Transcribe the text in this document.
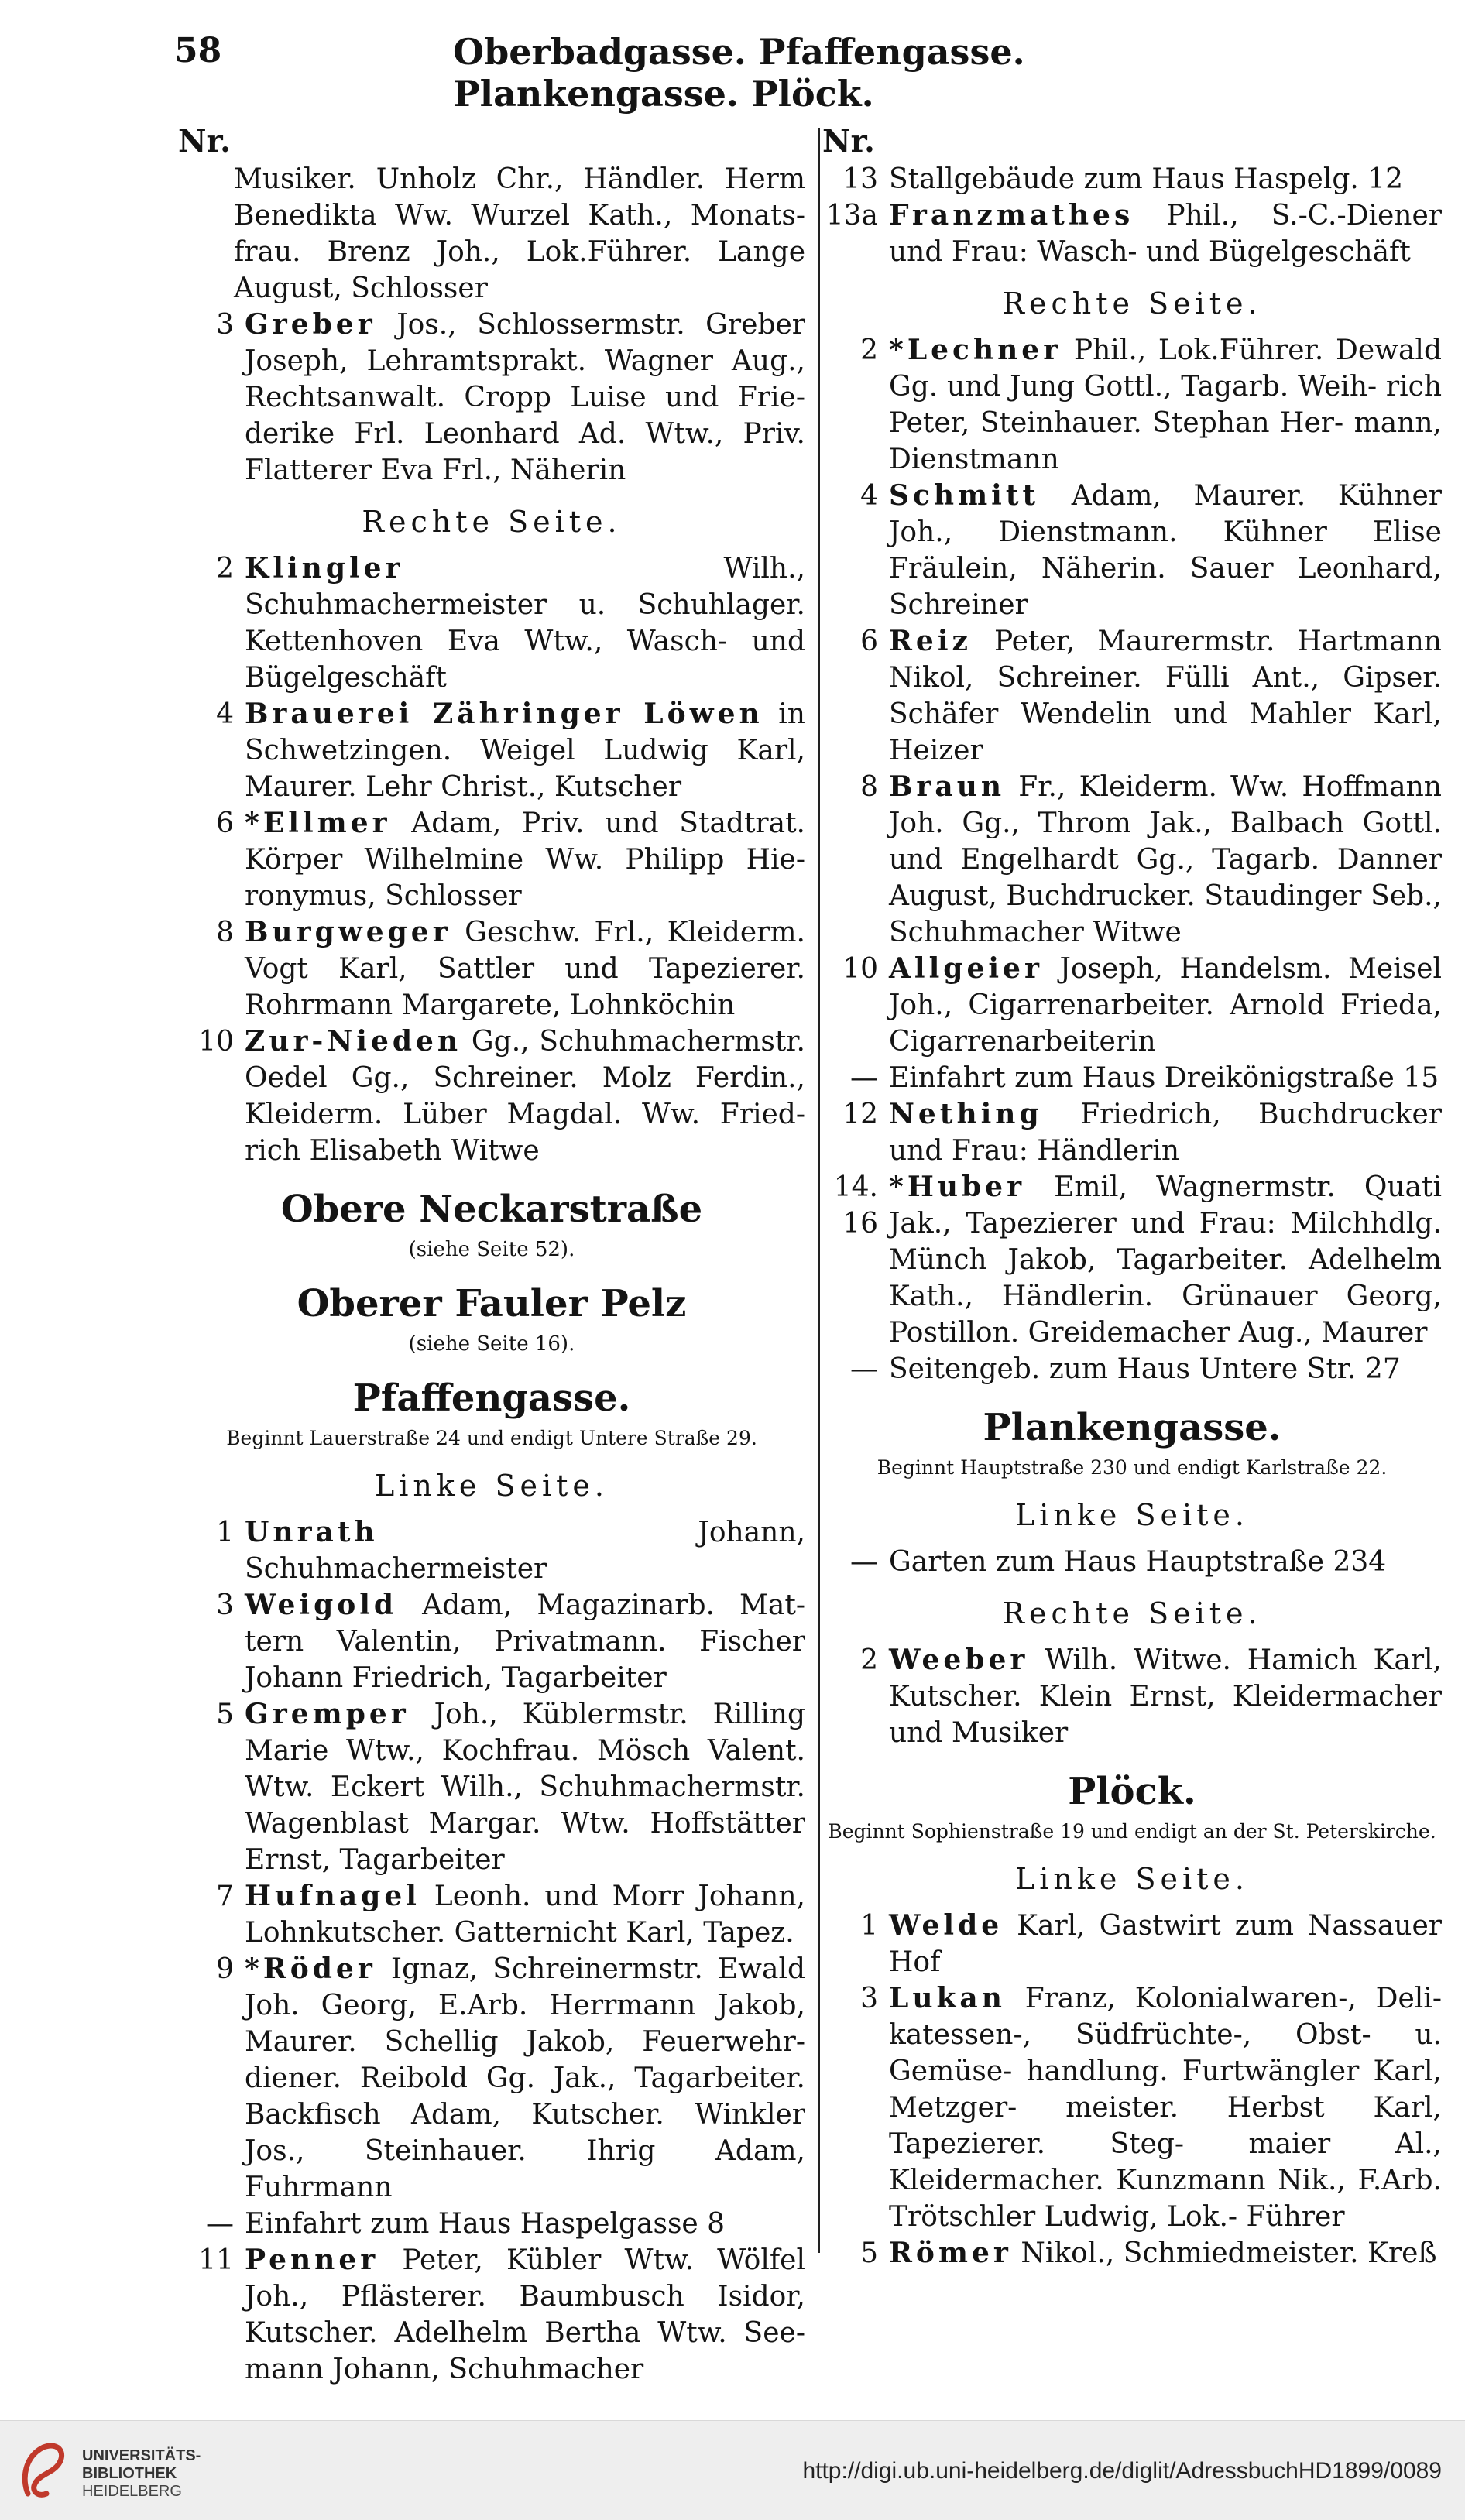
58	Oberbadgasse. Pfaffengasse. Plankengasse. Plöck.
Nr.
Musiker. Unholz Chr., Händler. Herm Benedikta Ww. Wurzel Kath., Monats- frau. Brenz Joh., Lok.Führer. Lange August, Schlosser
3 Greber Jos., Schlossermstr. Greber Joseph, Lehramtsprakt. Wagner Aug., Rechtsanwalt. Cropp Luise und Frie- derike Frl. Leonhard Ad. Wtw., Priv. Flatterer Eva Frl., Näherin
Rechte Seite.
2 Klingler Wilh., Schuhmachermeister u. Schuhlager. Kettenhoven Eva Wtw., Wasch- und Bügelgeschäft
4 Brauerei Zähringer Löwen in Schwetzingen. Weigel Ludwig Karl, Maurer. Lehr Christ., Kutscher
6 *Ellmer Adam, Priv. und Stadtrat. Körper Wilhelmine Ww. Philipp Hie- ronymus, Schlosser
8 Burgweger Geschw. Frl., Kleiderm. Vogt Karl, Sattler und Tapezierer. Rohrmann Margarete, Lohnköchin
10 Zur-Nieden Gg., Schuhmachermstr. Oedel Gg., Schreiner. Molz Ferdin., Kleiderm. Lüber Magdal. Ww. Fried- rich Elisabeth Witwe
Obere Neckarstraße
(siehe Seite 52).
Oberer Fauler Pelz
(siehe Seite 16).
Pfaffengasse.
Beginnt Lauerstraße 24 und endigt Untere Straße 29.
Linke Seite.
1 Unrath Johann, Schuhmachermeister
3 Weigold Adam, Magazinarb. Mat- tern Valentin, Privatmann. Fischer Johann Friedrich, Tagarbeiter
5 Gremper Joh., Küblermstr. Rilling Marie Wtw., Kochfrau. Mösch Valent. Wtw. Eckert Wilh., Schuhmachermstr. Wagenblast Margar. Wtw. Hoffstätter Ernst, Tagarbeiter
7 Hufnagel Leonh. und Morr Johann, Lohnkutscher. Gatternicht Karl, Tapez.
9 *Röder Ignaz, Schreinermstr. Ewald Joh. Georg, E.Arb. Herrmann Jakob, Maurer. Schellig Jakob, Feuerwehr- diener. Reibold Gg. Jak., Tagarbeiter. Backfisch Adam, Kutscher. Winkler Jos., Steinhauer. Ihrig Adam, Fuhrmann
— Einfahrt zum Haus Haspelgasse 8
11 Penner Peter, Kübler Wtw. Wölfel Joh., Pflästerer. Baumbusch Isidor, Kutscher. Adelhelm Bertha Wtw. See- mann Johann, Schuhmacher
Nr.
13 Stallgebäude zum Haus Haspelg. 12
13a Franzmathes Phil., S.-C.-Diener und Frau: Wasch- und Bügelgeschäft
Rechte Seite.
2 *Lechner Phil., Lok.Führer. Dewald Gg. und Jung Gottl., Tagarb. Weih- rich Peter, Steinhauer. Stephan Her- mann, Dienstmann
4 Schmitt Adam, Maurer. Kühner Joh., Dienstmann. Kühner Elise Fräulein, Näherin. Sauer Leonhard, Schreiner
6 Reiz Peter, Maurermstr. Hartmann Nikol, Schreiner. Fülli Ant., Gipser. Schäfer Wendelin und Mahler Karl, Heizer
8 Braun Fr., Kleiderm. Ww. Hoffmann Joh. Gg., Throm Jak., Balbach Gottl. und Engelhardt Gg., Tagarb. Danner August, Buchdrucker. Staudinger Seb., Schuhmacher Witwe
10 Allgeier Joseph, Handelsm. Meisel Joh., Cigarrenarbeiter. Arnold Frieda, Cigarrenarbeiterin
— Einfahrt zum Haus Dreikönigstraße 15
12 Nething Friedrich, Buchdrucker und Frau: Händlerin
14. 16
*Huber Emil, Wagnermstr. Quati Jak., Tapezierer und Frau: Milchhdlg. Münch Jakob, Tagarbeiter. Adelhelm Kath., Händlerin. Grünauer Georg, Postillon. Greidemacher Aug., Maurer
— Seitengeb. zum Haus Untere Str. 27
Plankengasse.
Beginnt Hauptstraße 230 und endigt Karlstraße 22.
Linke Seite.
— Garten zum Haus Hauptstraße 234
Rechte Seite.
2 Weeber Wilh. Witwe. Hamich Karl, Kutscher. Klein Ernst, Kleidermacher und Musiker
Plöck.
Beginnt Sophienstraße 19 und endigt an der St. Peterskirche.
Linke Seite.
1 Welde Karl, Gastwirt zum Nassauer Hof
3 Lukan Franz, Kolonialwaren-, Deli- katessen-, Südfrüchte-, Obst- u. Gemüse- handlung. Furtwängler Karl, Metzger- meister. Herbst Karl, Tapezierer. Steg- maier Al., Kleidermacher. Kunzmann Nik., F.Arb. Trötschler Ludwig, Lok.- Führer
5 Römer Nikol., Schmiedmeister. Kreß
UNIVERSITÄTS-
BIBLIOTHEK
HEIDELBERG
http://digi.ub.uni-heidelberg.de/diglit/AdressbuchHD1899/0089
